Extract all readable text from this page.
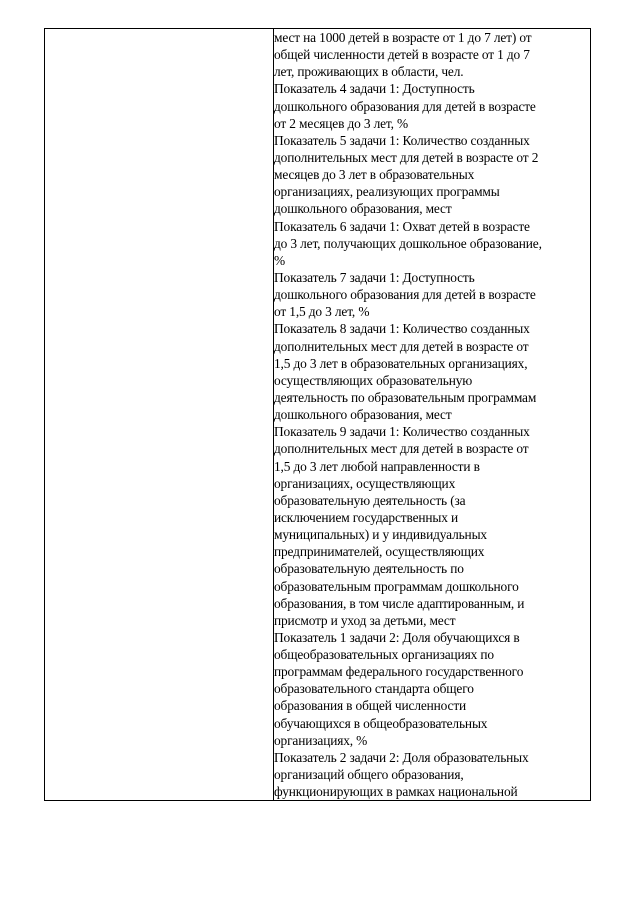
мест на 1000 детей в возрасте от 1 до 7 лет) от
общей численности детей в возрасте от 1 до 7
лет, проживающих в области, чел.
Показатель 4 задачи 1: Доступность
дошкольного образования для детей в возрасте
от 2 месяцев до 3 лет, %
Показатель 5 задачи 1: Количество созданных
дополнительных мест для детей в возрасте от 2
месяцев до 3 лет в образовательных
организациях, реализующих программы
дошкольного образования, мест
Показатель 6 задачи 1: Охват детей в возрасте
до 3 лет, получающих дошкольное образование,
%
Показатель 7 задачи 1: Доступность
дошкольного образования для детей в возрасте
от 1,5 до 3 лет, %
Показатель 8 задачи 1: Количество созданных
дополнительных мест для детей в возрасте от
1,5 до 3 лет в образовательных организациях,
осуществляющих образовательную
деятельность по образовательным программам
дошкольного образования, мест
Показатель 9 задачи 1: Количество созданных
дополнительных мест для детей в возрасте от
1,5 до 3 лет любой направленности в
организациях, осуществляющих
образовательную деятельность (за
исключением государственных и
муниципальных) и у индивидуальных
предпринимателей, осуществляющих
образовательную деятельность по
образовательным программам дошкольного
образования, в том числе адаптированным, и
присмотр и уход за детьми, мест
Показатель 1 задачи 2: Доля обучающихся в
общеобразовательных организациях по
программам федерального государственного
образовательного стандарта общего
образования в общей численности
обучающихся в общеобразовательных
организациях, %
Показатель 2 задачи 2: Доля образовательных
организаций общего образования,
функционирующих в рамках национальной
